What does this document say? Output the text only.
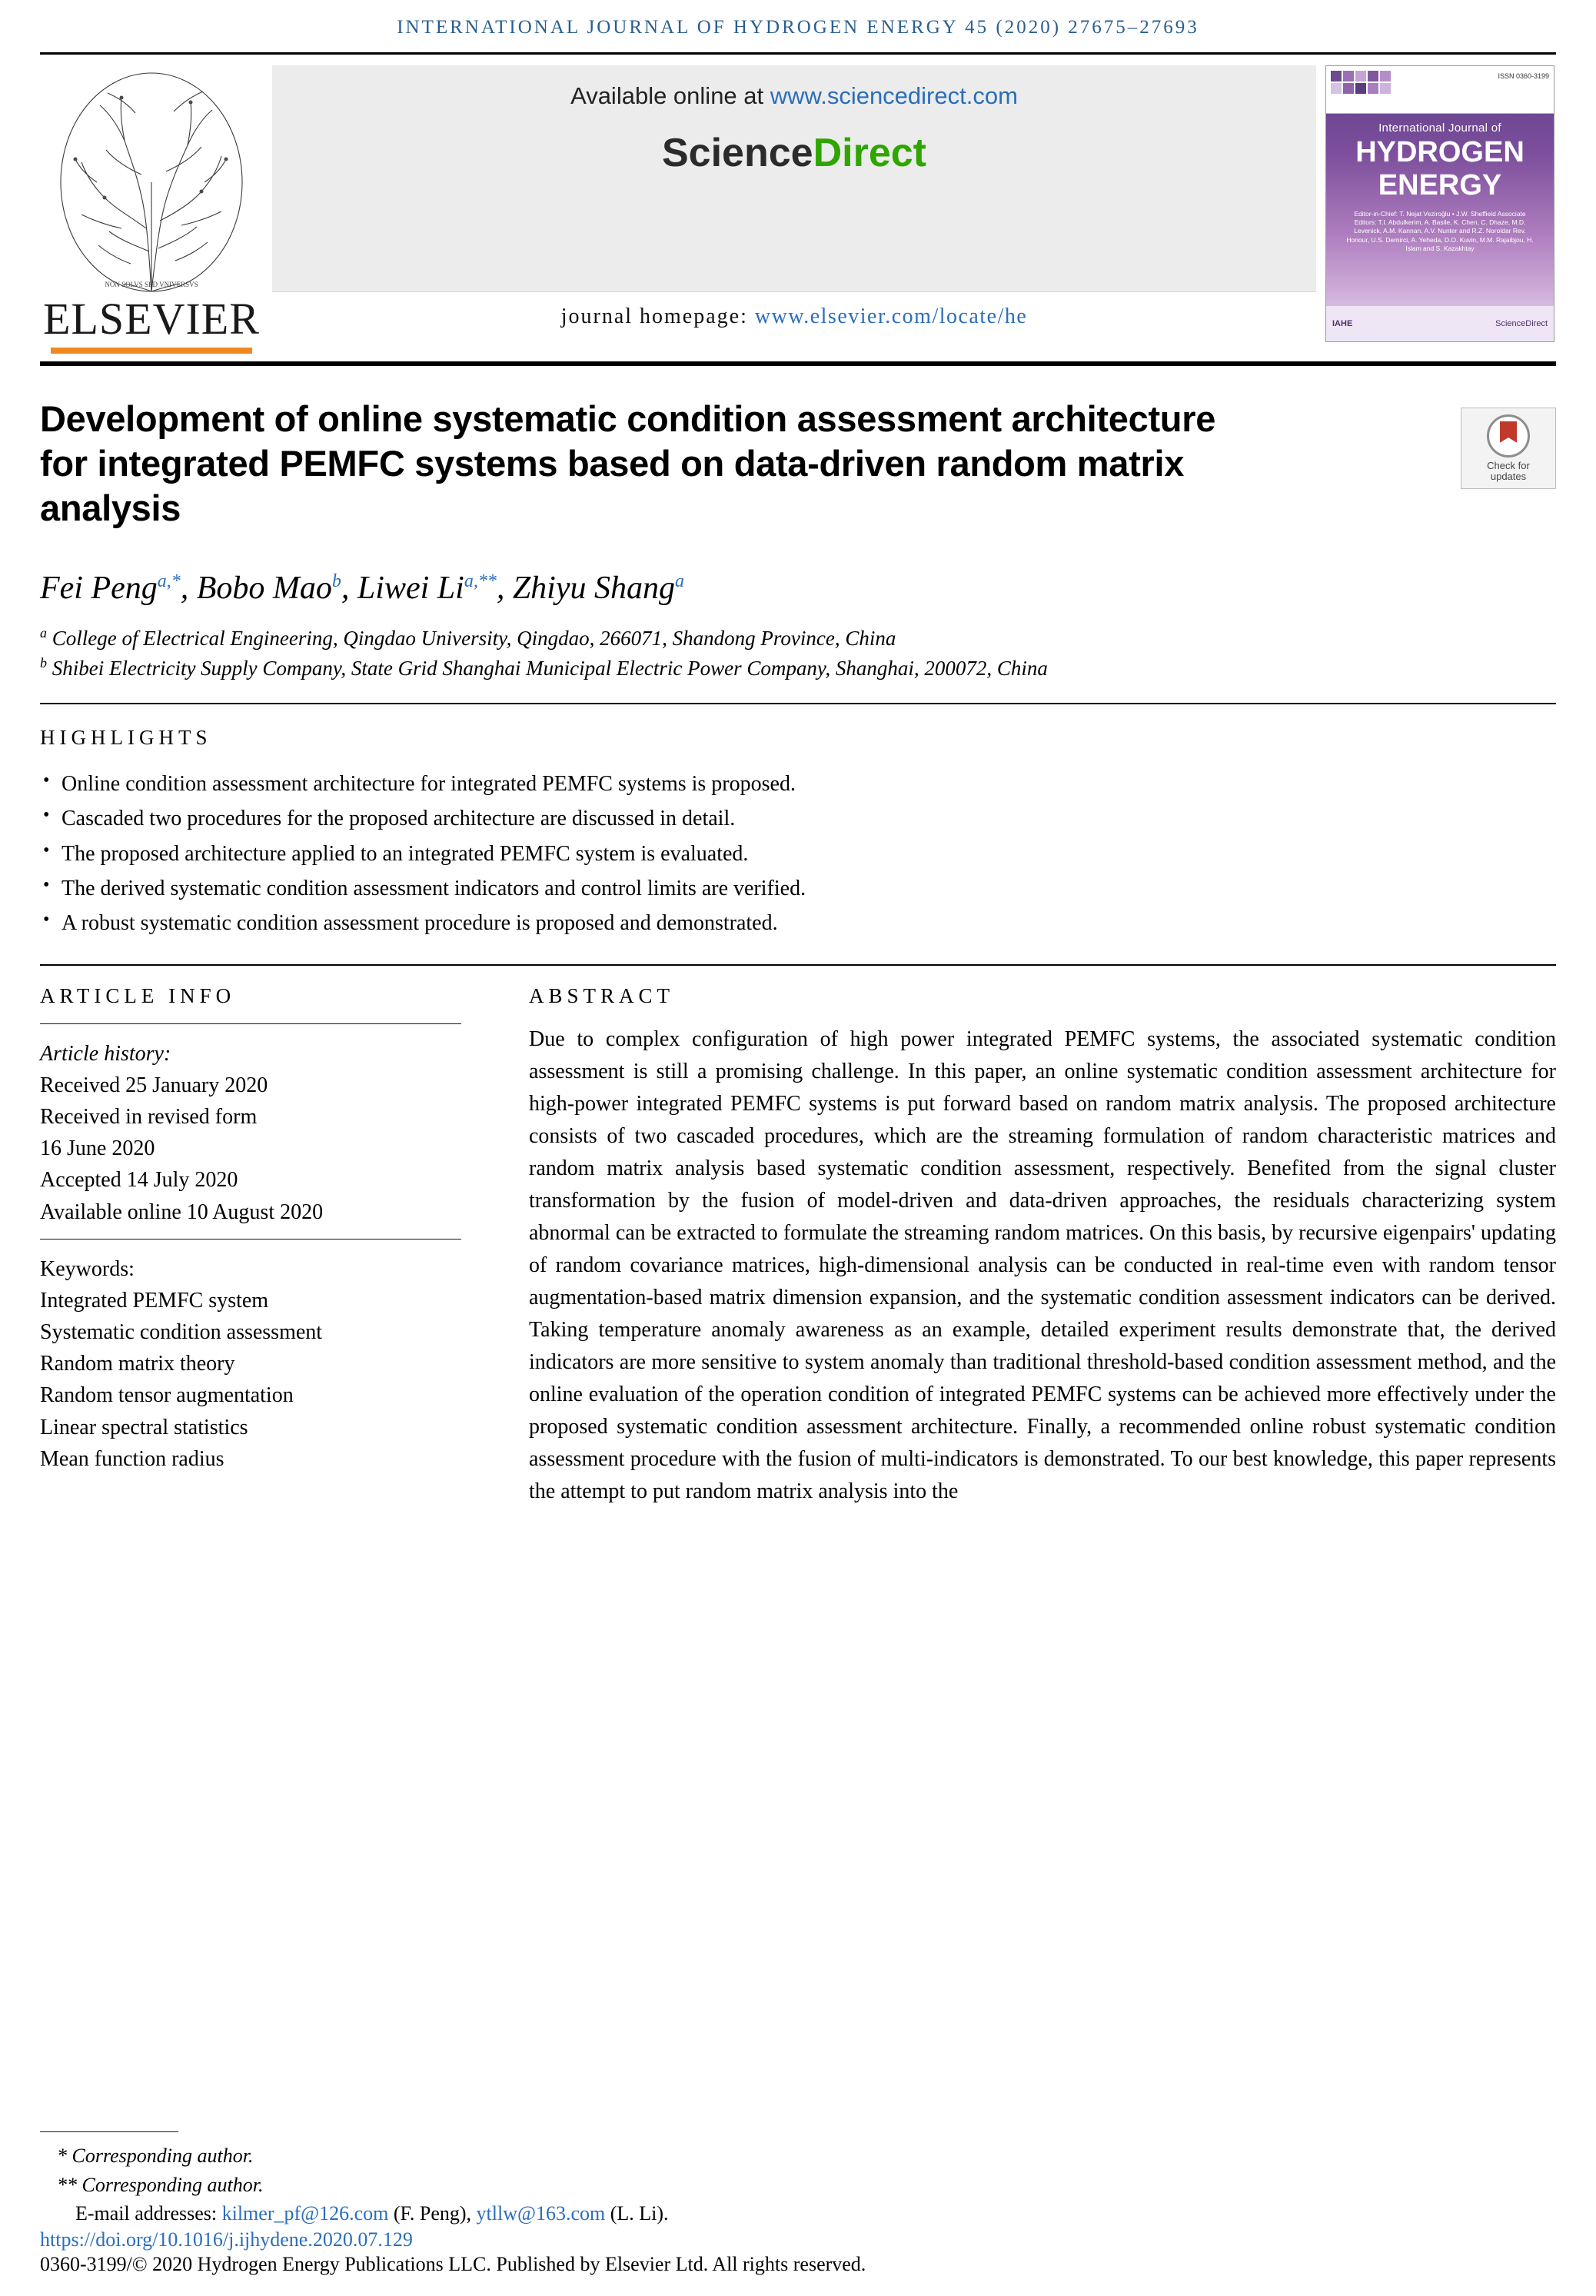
INTERNATIONAL JOURNAL OF HYDROGEN ENERGY 45 (2020) 27675–27693
NON SOLVS SED VNIVERSVS
ELSEVIER
Available online at www.sciencedirect.com
ScienceDirect
journal homepage: www.elsevier.com/locate/he
ISSN 0360-3199
International Journal of
HYDROGEN
ENERGY
Editor-in-Chief: T. Nejat Veziroğlu • J.W. Sheffield Associate Editors: T.I. Abdulkerim, A. Basile, K. Chen, C. Dhaze, M.D. Levenick, A.M. Kannan, A.V. Nunter and R.Z. Noroldar Rev. Honour, U.S. Demirci, A. Yeheda, D.O. Kuvin, M.M. Rajaibjou, H. Islam and S. Kazakhtay
IAHE	ScienceDirect
Development of online systematic condition assessment architecture for integrated PEMFC systems based on data-driven random matrix analysis
Check for
updates
Fei Peng$^{a,*}$, Bobo Mao$^b$, Liwei $Li^{a,**}$, Zhiyu Shang$^a$
$^a$ College of Electrical Engineering, Qingdao University, Qingdao, 266071, Shandong Province, China
$^b$ Shibei Electricity Supply Company, State Grid Shanghai Municipal Electric Power Company, Shanghai, 200072, China
HIGHLIGHTS
• Online condition assessment architecture for integrated PEMFC systems is proposed.
• Cascaded two procedures for the proposed architecture are discussed in detail.
• The proposed architecture applied to an integrated PEMFC system is evaluated.
• The derived systematic condition assessment indicators and control limits are verified.
• A robust systematic condition assessment procedure is proposed and demonstrated.
ARTICLE INFO
Article history:
Received 25 January 2020
Received in revised form
16 June 2020
Accepted 14 July 2020
Available online 10 August 2020
Keywords:
Integrated PEMFC system
Systematic condition assessment
Random matrix theory
Random tensor augmentation
Linear spectral statistics
Mean function radius
ABSTRACT
Due to complex configuration of high power integrated PEMFC systems, the associated systematic condition assessment is still a promising challenge. In this paper, an online systematic condition assessment architecture for high-power integrated PEMFC systems is put forward based on random matrix analysis. The proposed architecture consists of two cascaded procedures, which are the streaming formulation of random characteristic matrices and random matrix analysis based systematic condition assessment, respectively. Benefited from the signal cluster transformation by the fusion of model-driven and data-driven approaches, the residuals characterizing system abnormal can be extracted to formulate the streaming random matrices. On this basis, by recursive eigenpairs' updating of random covariance matrices, high-dimensional analysis can be conducted in real-time even with random tensor augmentation-based matrix dimension expansion, and the systematic condition assessment indicators can be derived. Taking temperature anomaly awareness as an example, detailed experiment results demonstrate that, the derived indicators are more sensitive to system anomaly than traditional threshold-based condition assessment method, and the online evaluation of the operation condition of integrated PEMFC systems can be achieved more effectively under the proposed systematic condition assessment architecture. Finally, a recommended online robust systematic condition assessment procedure with the fusion of multi-indicators is demonstrated. To our best knowledge, this paper represents the attempt to put random matrix analysis into the
* Corresponding author.
** Corresponding author.
E-mail addresses: kilmer_pf@126.com (F. Peng), ytllw@163.com (L. Li).
https://doi.org/10.1016/j.ijhydene.2020.07.129
0360-3199/© 2020 Hydrogen Energy Publications LLC. Published by Elsevier Ltd. All rights reserved.
